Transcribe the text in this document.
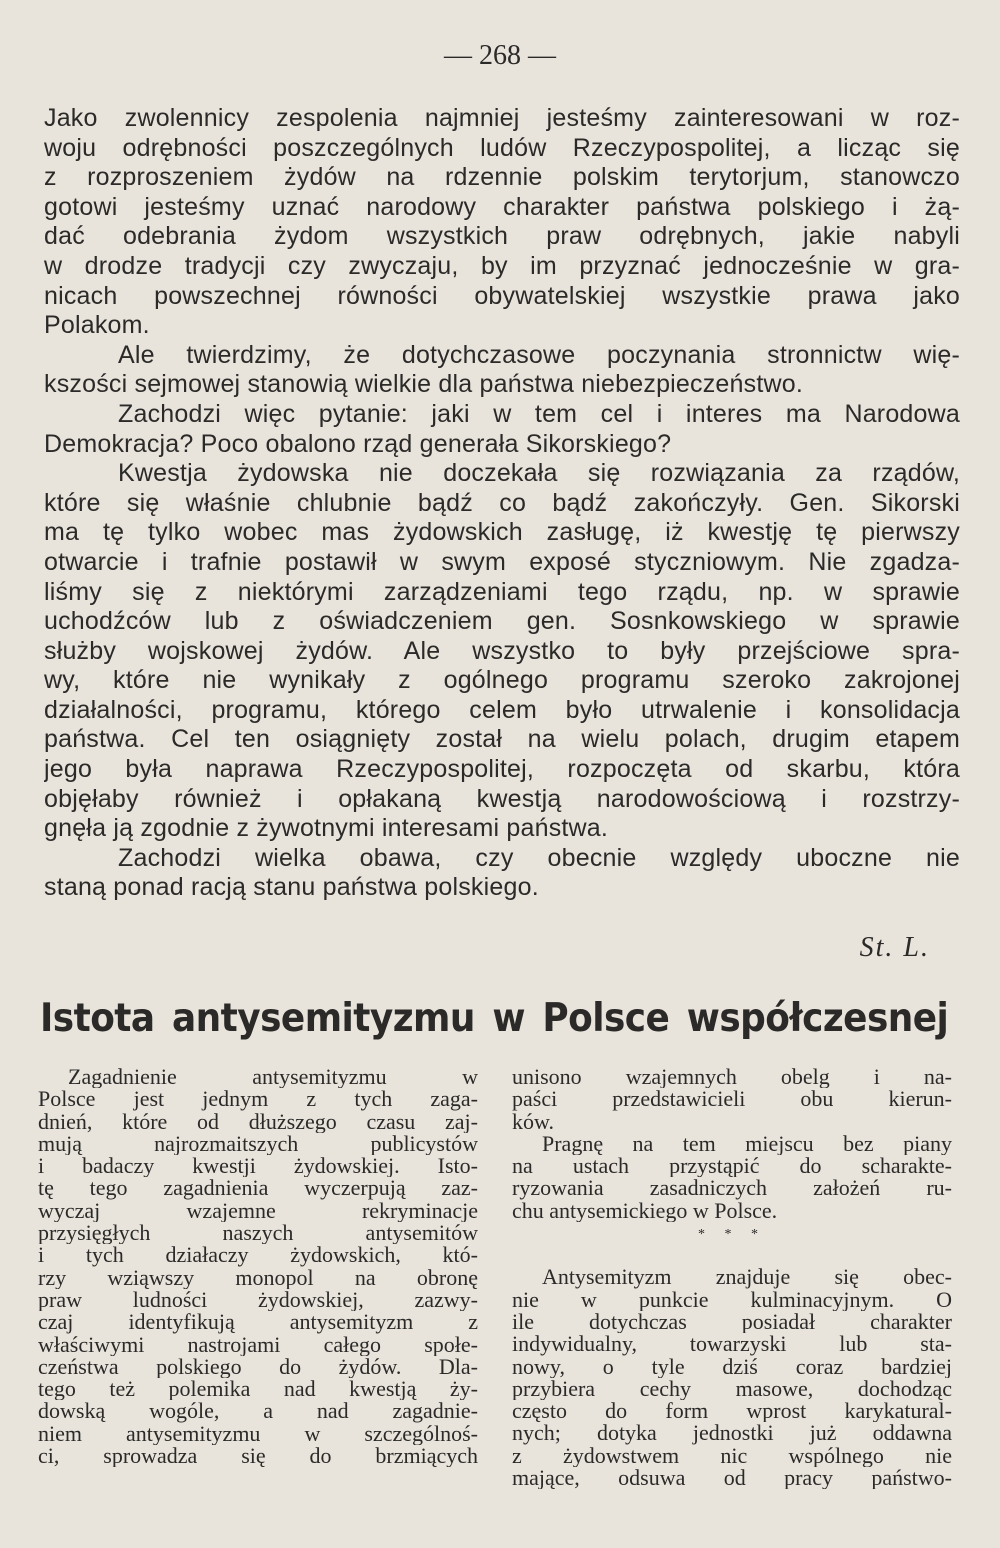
— 268 —
Jako zwolennicy zespolenia najmniej jesteśmy zainteresowani w roz-
woju odrębności poszczególnych ludów Rzeczypospolitej, a licząc się
z rozproszeniem żydów na rdzennie polskim terytorjum, stanowczo
gotowi jesteśmy uznać narodowy charakter państwa polskiego i żą-
dać odebrania żydom wszystkich praw odrębnych, jakie nabyli
w drodze tradycji czy zwyczaju, by im przyznać jednocześnie w gra-
nicach powszechnej równości obywatelskiej wszystkie prawa jako
Polakom.
Ale twierdzimy, że dotychczasowe poczynania stronnictw wię-
kszości sejmowej stanowią wielkie dla państwa niebezpieczeństwo.
Zachodzi więc pytanie: jaki w tem cel i interes ma Narodowa
Demokracja? Poco obalono rząd generała Sikorskiego?
Kwestja żydowska nie doczekała się rozwiązania za rządów,
które się właśnie chlubnie bądź co bądź zakończyły. Gen. Sikorski
ma tę tylko wobec mas żydowskich zasługę, iż kwestję tę pierwszy
otwarcie i trafnie postawił w swym exposé styczniowym. Nie zgadza-
liśmy się z niektórymi zarządzeniami tego rządu, np. w sprawie
uchodźców lub z oświadczeniem gen. Sosnkowskiego w sprawie
służby wojskowej żydów. Ale wszystko to były przejściowe spra-
wy, które nie wynikały z ogólnego programu szeroko zakrojonej
działalności, programu, którego celem było utrwalenie i konsolidacja
państwa. Cel ten osiągnięty został na wielu polach, drugim etapem
jego była naprawa Rzeczypospolitej, rozpoczęta od skarbu, która
objęłaby również i opłakaną kwestją narodowościową i rozstrzy-
gnęła ją zgodnie z żywotnymi interesami państwa.
Zachodzi wielka obawa, czy obecnie względy uboczne nie
staną ponad racją stanu państwa polskiego.
St. L.
Istota antysemityzmu w Polsce współczesnej
Zagadnienie antysemityzmu w
Polsce jest jednym z tych zaga-
dnień, które od dłuższego czasu zaj-
mują najrozmaitszych publicystów
i badaczy kwestji żydowskiej. Isto-
tę tego zagadnienia wyczerpują zaz-
wyczaj wzajemne rekryminacje
przysięgłych naszych antysemitów
i tych działaczy żydowskich, któ-
rzy wziąwszy monopol na obronę
praw ludności żydowskiej, zazwy-
czaj identyfikują antysemityzm z
właściwymi nastrojami całego społe-
czeństwa polskiego do żydów. Dla-
tego też polemika nad kwestją ży-
dowską wogóle, a nad zagadnie-
niem antysemityzmu w szczególnoś-
ci, sprowadza się do brzmiących
unisono wzajemnych obelg i na-
paści przedstawicieli obu kierun-
ków.
Pragnę na tem miejscu bez piany
na ustach przystąpić do scharakte-
ryzowania zasadniczych założeń ru-
chu antysemickiego w Polsce.
* * *
Antysemityzm znajduje się obec-
nie w punkcie kulminacyjnym. O
ile dotychczas posiadał charakter
indywidualny, towarzyski lub sta-
nowy, o tyle dziś coraz bardziej
przybiera cechy masowe, dochodząc
często do form wprost karykatural-
nych; dotyka jednostki już oddawna
z żydowstwem nic wspólnego nie
mające, odsuwa od pracy państwo-
